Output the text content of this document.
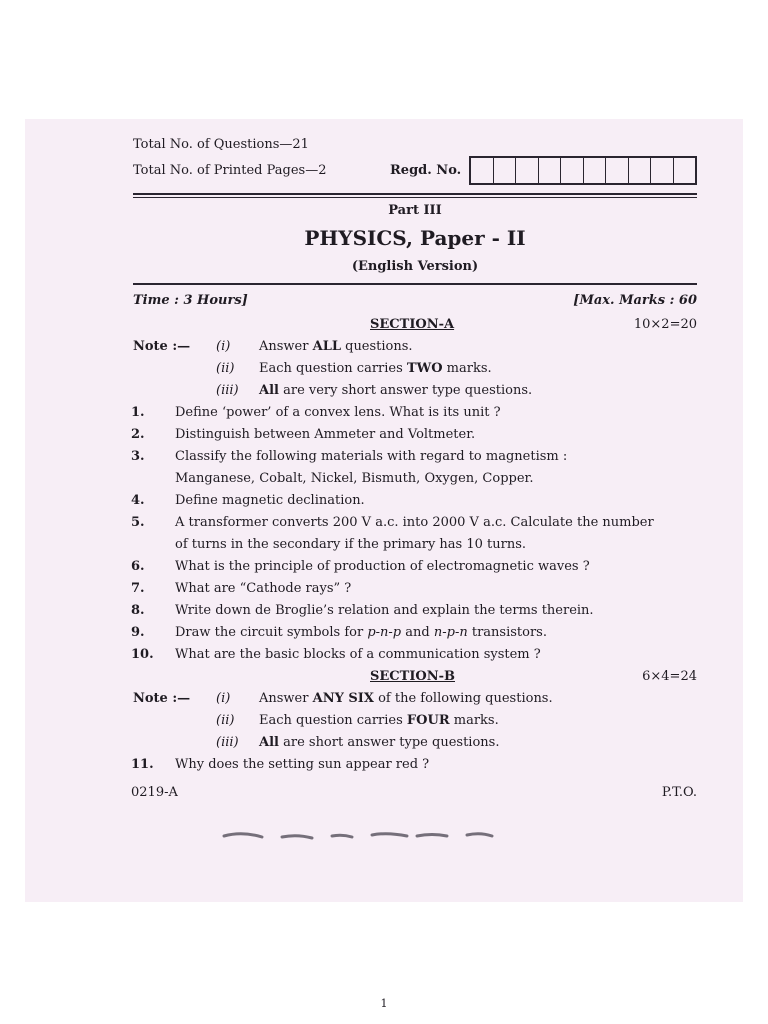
Total No. of Questions—21
Total No. of Printed Pages—2	Regd. No.
Part III
PHYSICS, Paper - II
(English Version)
Time : 3 Hours]	[Max. Marks : 60
SECTION-A	10×2=20
Note :— (i) Answer ALL questions.
(ii) Each question carries TWO marks.
(iii) All are very short answer type questions.
1. Define ‘power’ of a convex lens. What is its unit ?
2. Distinguish between Ammeter and Voltmeter.
3. Classify the following materials with regard to magnetism :
Manganese, Cobalt, Nickel, Bismuth, Oxygen, Copper.
4. Define magnetic declination.
5. A transformer converts 200 V a.c. into 2000 V a.c. Calculate the number
of turns in the secondary if the primary has 10 turns.
6. What is the principle of production of electromagnetic waves ?
7. What are “Cathode rays” ?
8. Write down de Broglie’s relation and explain the terms therein.
9. Draw the circuit symbols for p-n-p and n-p-n transistors.
10. What are the basic blocks of a communication system ?
SECTION-B	6×4=24
Note :— (i) Answer ANY SIX of the following questions.
(ii) Each question carries FOUR marks.
(iii) All are short answer type questions.
11. Why does the setting sun appear red ?
0219-A	P.T.O.
1
